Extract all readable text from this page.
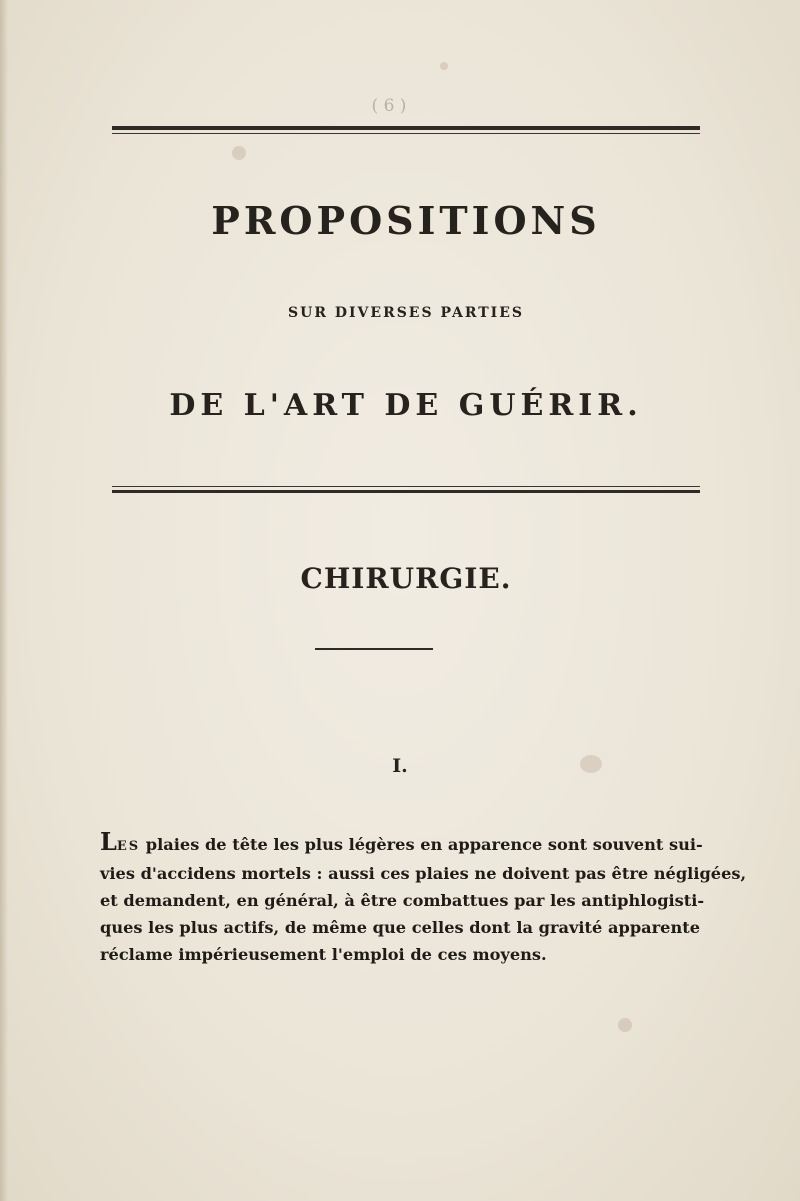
( 6 )
PROPOSITIONS
SUR DIVERSES PARTIES
DE L'ART DE GUÉRIR.
CHIRURGIE.
I.

LES plaies de tête les plus légères en apparence sont souvent sui-
vies d'accidens mortels : aussi ces plaies ne doivent pas être négligées,
et demandent, en général, à être combattues par les antiphlogisti-
ques les plus actifs, de même que celles dont la gravité apparente
réclame impérieusement l'emploi de ces moyens.
